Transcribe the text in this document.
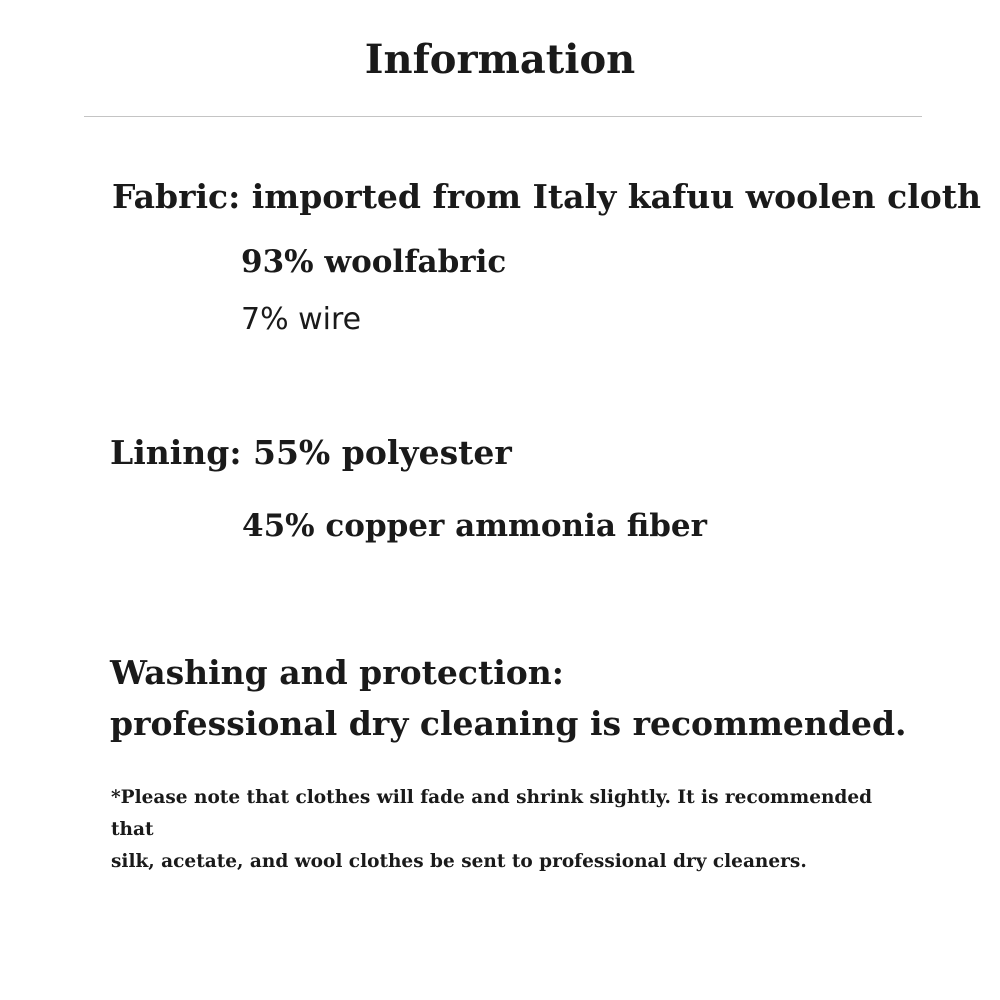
Information

Fabric: imported from Italy kafuu woolen cloth

93% woolfabric

7% wire

Lining: 55% polyester

45% copper ammonia fiber

Washing and protection:

professional dry cleaning is recommended.

*Please note that clothes will fade and shrink slightly. It is recommended that
silk, acetate, and wool clothes be sent to professional dry cleaners.
